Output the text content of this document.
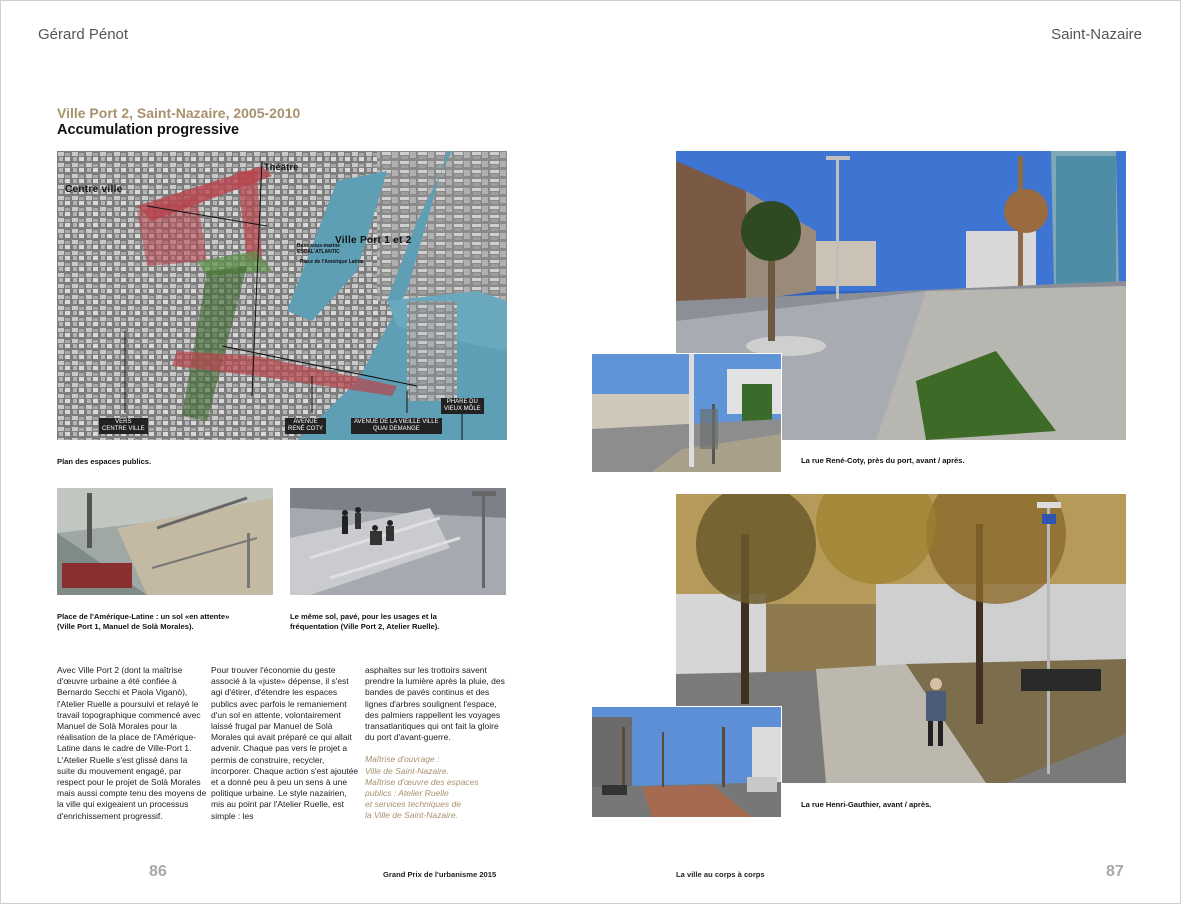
Gérard Pénot	Saint-Nazaire
Ville Port 2, Saint-Nazaire, 2005-2010
Accumulation progressive
Centre ville
Ville Port 1 et 2
Théâtre
Base sous-marine
ESCAL'ATLANTIC
Place de l'Amérique Latine
VERS
CENTRE VILLE
AVENUE
RENÉ COTY
AVENUE DE LA VIEILLE VILLE
QUAI DEMANGE
PHARE DU
VIEUX MÔLE
Plan des espaces publics.
Place de l'Amérique-Latine : un sol «en attente»
(Ville Port 1, Manuel de Solà Morales).
Le même sol, pavé, pour les usages et la
fréquentation (Ville Port 2, Atelier Ruelle).

Avec Ville Port 2 (dont la maîtrise d'œuvre urbaine a été confiée à Bernardo Secchi et Paola Viganò), l'Atelier Ruelle a poursuivi et relayé le travail topographique commencé avec Manuel de Solà Morales pour la réalisation de la place de l'Amérique-Latine dans le cadre de Ville-Port 1. L'Atelier Ruelle s'est glissé dans la suite du mouvement engagé, par respect pour le projet de Solà Morales mais aussi compte tenu des moyens de la ville qui exigeaient un processus d'enrichissement progressif.

Pour trouver l'économie du geste associé à la «juste» dépense, il s'est agi d'étirer, d'étendre les espaces publics avec parfois le remaniement d'un sol en attente, volontairement laissé frugal par Manuel de Solà Morales qui avait préparé ce qui allait advenir. Chaque pas vers le projet a permis de construire, recycler, incorporer. Chaque action s'est ajoutée et a donné peu à peu un sens à une politique urbaine. Le style nazairien, mis au point par l'Atelier Ruelle, est simple : les

asphaltes sur les trottoirs savent prendre la lumière après la pluie, des bandes de pavés continus et des lignes d'arbres soulignent l'espace, des palmiers rappellent les voyages transatlantiques qui ont fait la gloire du port d'avant-guerre.

Maîtrise d'ouvrage :
Ville de Saint-Nazaire.
Maîtrise d'œuvre des espaces
publics : Atelier Ruelle
et services techniques de
la Ville de Saint-Nazaire.

La rue René-Coty, près du port, avant / après.
La rue Henri-Gauthier, avant / après.
86	Grand Prix de l'urbanisme 2015	La ville au corps à corps	87
